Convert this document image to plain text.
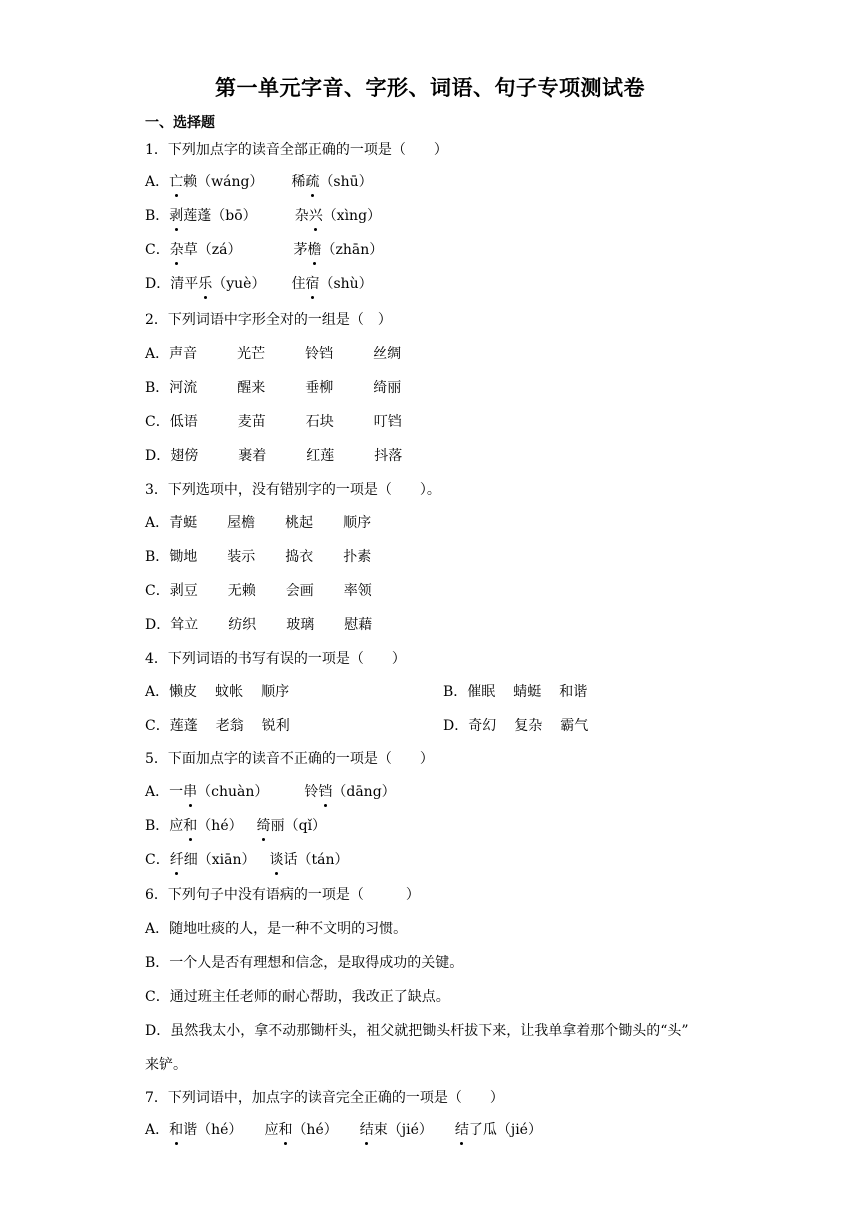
第一单元字音、字形、词语、句子专项测试卷
一、选择题
1．下列加点字的读音全部正确的一项是（　　）
A．亡赖（wáng） 稀疏（shū）
B．剥莲蓬（bō）	杂兴（xìng）
C．杂草（zá）	茅檐（zhān）
D．清平乐（yuè） 住宿（shù）
2．下列词语中字形全对的一组是（　）
A．声音	光芒	铃铛	丝绸
B．河流	醒来	垂柳	绮丽
C．低语	麦苗	石块	叮铛
D．翅傍	裹着	红莲	抖落
3．下列选项中，没有错别字的一项是（　　）。
A．青蜓 屋檐 桃起 顺序
B．锄地 装示 捣衣 扑素
C．剥豆 无赖 会画 率领
D．耸立 纺织 玻璃 慰藉
4．下列词语的书写有误的一项是（　　）
A．懒皮 蚊帐 顺序	B．催眠 蜻蜓 和谐
C．莲蓬 老翁 锐利	D．奇幻 复杂 霸气
5．下面加点字的读音不正确的一项是（　　）
A．一串（chuàn）	铃铛（dāng）
B．应和（hé） 绮丽（qǐ）
C．纤细（xiān） 谈话（tán）
6．下列句子中没有语病的一项是（　　　）
A．随地吐痰的人，是一种不文明的习惯。
B．一个人是否有理想和信念，是取得成功的关键。
C．通过班主任老师的耐心帮助，我改正了缺点。
D．虽然我太小，拿不动那锄杆头，祖父就把锄头杆拔下来，让我单拿着那个锄头的“头”
来铲。
7．下列词语中，加点字的读音完全正确的一项是（　　）
A．和谐（hé） 应和（hé） 结束（jié） 结了瓜（jié）
